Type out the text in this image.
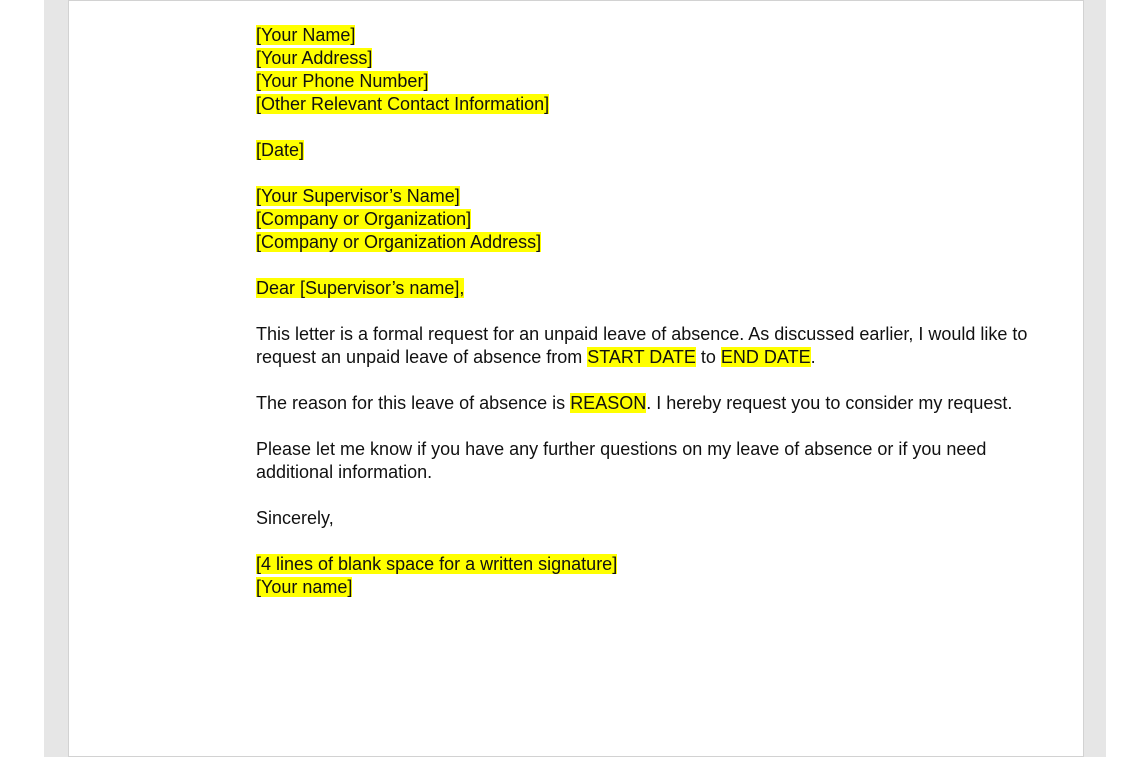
[Your Name]

[Your Address]

[Your Phone Number]

[Other Relevant Contact Information]

[Date]

[Your Supervisor’s Name]

[Company or Organization]

[Company or Organization Address]

Dear [Supervisor’s name],

This letter is a formal request for an unpaid leave of absence. As discussed earlier, I would like to request an unpaid leave of absence from START DATE to END DATE.

The reason for this leave of absence is REASON. I hereby request you to consider my request.

Please let me know if you have any further questions on my leave of absence or if you need additional information.

Sincerely,

[4 lines of blank space for a written signature]

[Your name]
